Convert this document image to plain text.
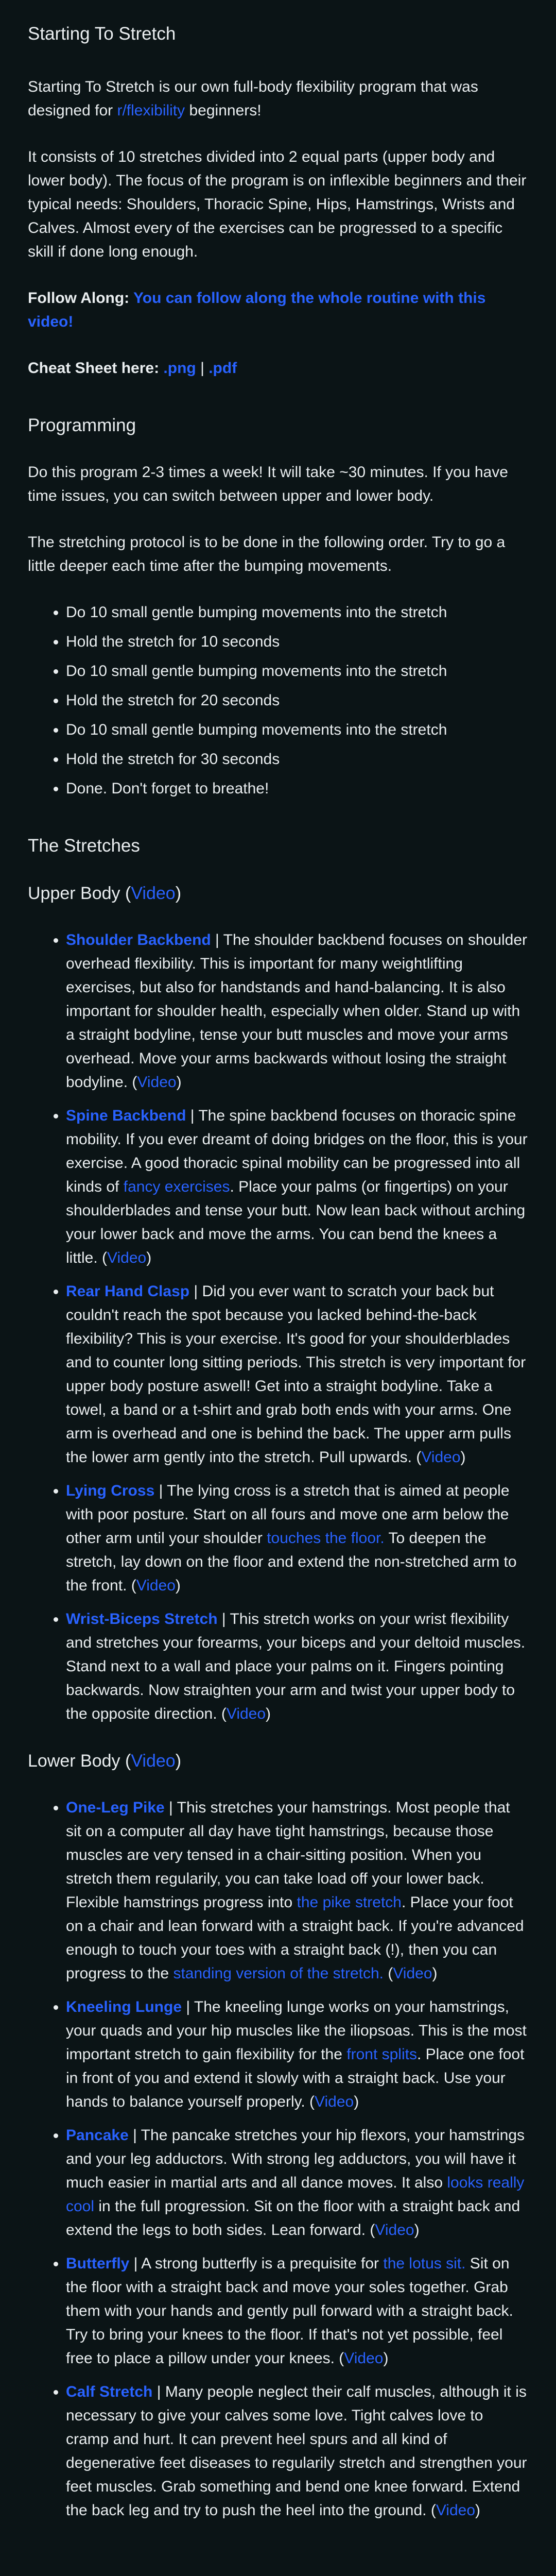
Starting To Stretch

Starting To Stretch is our own full-body flexibility program that was designed for r/flexibility beginners!

It consists of 10 stretches divided into 2 equal parts (upper body and lower body). The focus of the program is on inflexible beginners and their typical needs: Shoulders, Thoracic Spine, Hips, Hamstrings, Wrists and Calves. Almost every of the exercises can be progressed to a specific skill if done long enough.

Follow Along: You can follow along the whole routine with this video!

Cheat Sheet here: .png | .pdf

Programming

Do this program 2-3 times a week! It will take ~30 minutes. If you have time issues, you can switch between upper and lower body.

The stretching protocol is to be done in the following order. Try to go a little deeper each time after the bumping movements.

• Do 10 small gentle bumping movements into the stretch
• Hold the stretch for 10 seconds
• Do 10 small gentle bumping movements into the stretch
• Hold the stretch for 20 seconds
• Do 10 small gentle bumping movements into the stretch
• Hold the stretch for 30 seconds
• Done. Don't forget to breathe!
The Stretches
Upper Body (Video)
• Shoulder Backbend | The shoulder backbend focuses on shoulder overhead flexibility. This is important for many weightlifting exercises, but also for handstands and hand-balancing. It is also important for shoulder health, especially when older. Stand up with a straight bodyline, tense your butt muscles and move your arms overhead. Move your arms backwards without losing the straight bodyline. (Video)
• Spine Backbend | The spine backbend focuses on thoracic spine mobility. If you ever dreamt of doing bridges on the floor, this is your exercise. A good thoracic spinal mobility can be progressed into all kinds of fancy exercises. Place your palms (or fingertips) on your shoulderblades and tense your butt. Now lean back without arching your lower back and move the arms. You can bend the knees a little. (Video)
• Rear Hand Clasp | Did you ever want to scratch your back but couldn't reach the spot because you lacked behind-the-back flexibility? This is your exercise. It's good for your shoulderblades and to counter long sitting periods. This stretch is very important for upper body posture aswell! Get into a straight bodyline. Take a towel, a band or a t-shirt and grab both ends with your arms. One arm is overhead and one is behind the back. The upper arm pulls the lower arm gently into the stretch. Pull upwards. (Video)
• Lying Cross | The lying cross is a stretch that is aimed at people with poor posture. Start on all fours and move one arm below the other arm until your shoulder touches the floor. To deepen the stretch, lay down on the floor and extend the non-stretched arm to the front. (Video)
• Wrist-Biceps Stretch | This stretch works on your wrist flexibility and stretches your forearms, your biceps and your deltoid muscles. Stand next to a wall and place your palms on it. Fingers pointing backwards. Now straighten your arm and twist your upper body to the opposite direction. (Video)
Lower Body (Video)
• One-Leg Pike | This stretches your hamstrings. Most people that sit on a computer all day have tight hamstrings, because those muscles are very tensed in a chair-sitting position. When you stretch them regularily, you can take load off your lower back. Flexible hamstrings progress into the pike stretch. Place your foot on a chair and lean forward with a straight back. If you're advanced enough to touch your toes with a straight back (!), then you can progress to the standing version of the stretch. (Video)
• Kneeling Lunge | The kneeling lunge works on your hamstrings, your quads and your hip muscles like the iliopsoas. This is the most important stretch to gain flexibility for the front splits. Place one foot in front of you and extend it slowly with a straight back. Use your hands to balance yourself properly. (Video)
• Pancake | The pancake stretches your hip flexors, your hamstrings and your leg adductors. With strong leg adductors, you will have it much easier in martial arts and all dance moves. It also looks really cool in the full progression. Sit on the floor with a straight back and extend the legs to both sides. Lean forward. (Video)
• Butterfly | A strong butterfly is a prequisite for the lotus sit. Sit on the floor with a straight back and move your soles together. Grab them with your hands and gently pull forward with a straight back. Try to bring your knees to the floor. If that's not yet possible, feel free to place a pillow under your knees. (Video)
• Calf Stretch | Many people neglect their calf muscles, although it is necessary to give your calves some love. Tight calves love to cramp and hurt. It can prevent heel spurs and all kind of degenerative feet diseases to regularily stretch and strengthen your feet muscles. Grab something and bend one knee forward. Extend the back leg and try to push the heel into the ground. (Video)
